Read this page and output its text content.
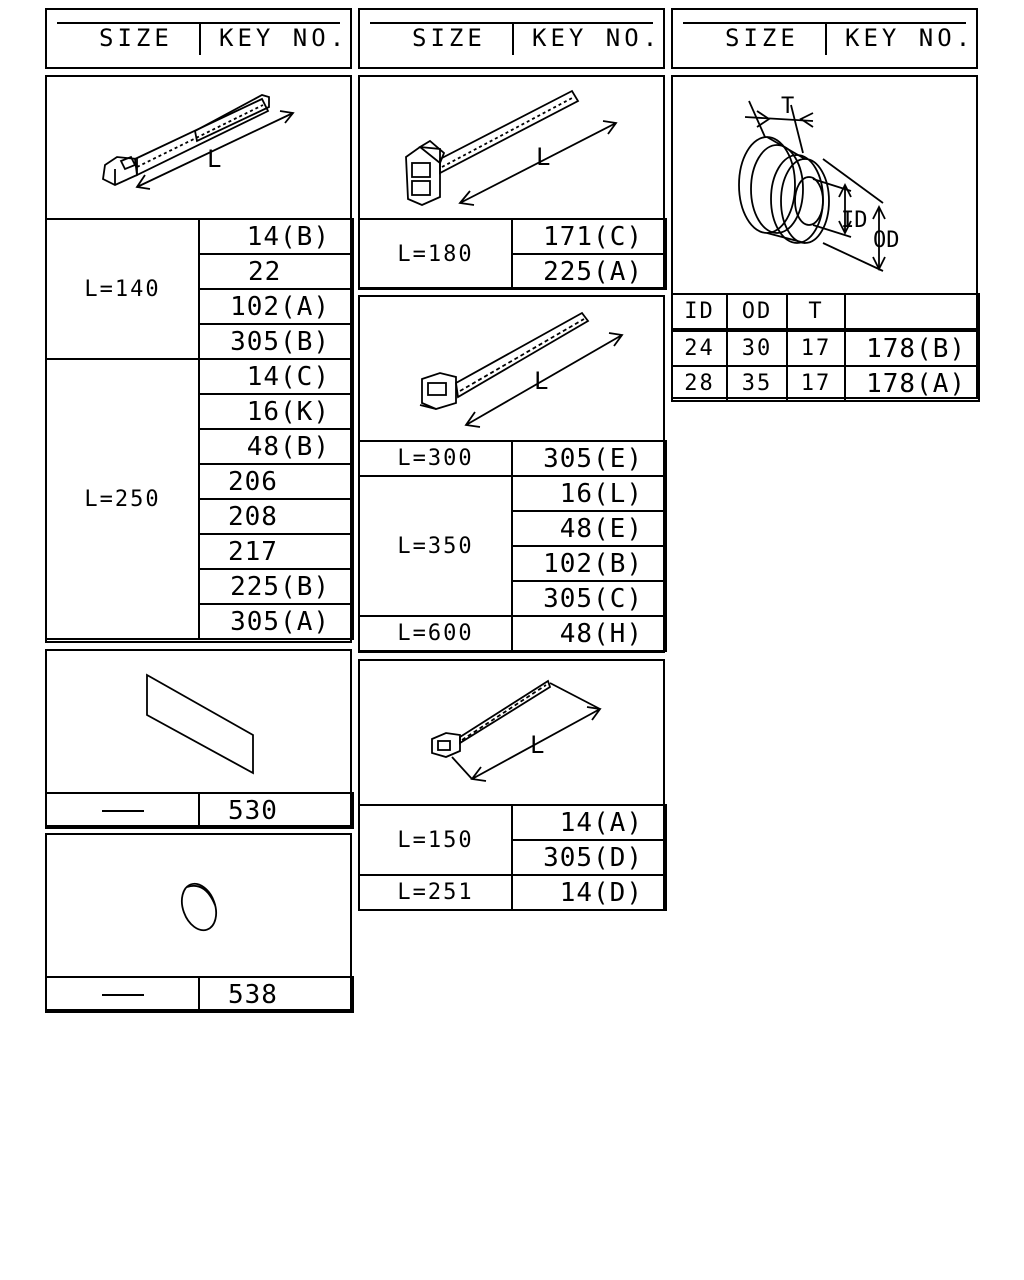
SIZE KEY NO.	SIZE KEY NO.	SIZE KEY NO.
L
L=140	14(B)
	22
	102(A)
	305(B)
L=250	14(C)
	16(K)
	48(B)
	206
	208
	217
	225(B)
	305(A)
	530
	538
L
L=180	171(C)
225(A)
L
L=300	305(E)
L=350	16(L)
	48(E)
	102(B)
	305(C)
L=600	48(H)
L
L=150	14(A)
	305(D)
L=251	14(D)
T
ID
OD
ID	OD	T	
24	30	17	178(B)
28	35	17	178(A)
